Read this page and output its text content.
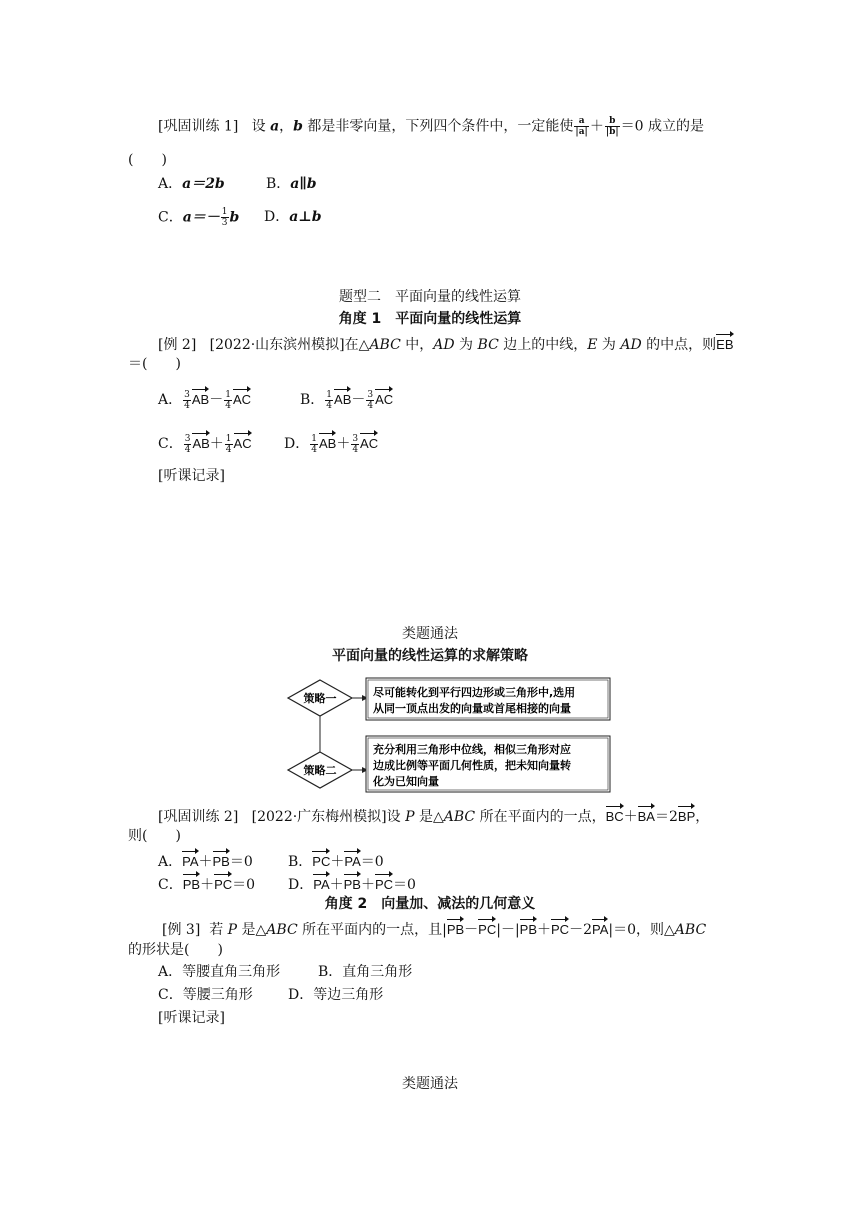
[巩固训练 1] 设 a，b 都是非零向量，下列四个条件中，一定能使 $\frac{a}{|a|} + \frac{b}{|b|} =0$ 成立的是
(　　)
A．a＝2b	B．a∥b
C．$a=- \frac{1}{3}$ b D．a⊥b
题型二　平面向量的线性运算
角度 1　平面向量的线性运算
[例 2] [2022·山东滨州模拟]在△ABC 中，AD 为 BC 边上的中线，E 为 AD 的中点，则EB
＝(　　)
A． $\frac{3}{4} AB- \frac{1}{4}$ AC	B． $\frac{1}{4} AB- \frac{3}{4}$ AC
C． $\frac{3}{4} AB+ \frac{1}{4}$ AC D． $\frac{1}{4} AB+ \frac{3}{4}$ AC
[听课记录]
类题通法
平面向量的线性运算的求解策略
策略一
策略二
尽可能转化到平行四边形或三角形中,选用
从同一顶点出发的向量或首尾相接的向量
充分利用三角形中位线，相似三角形对应
边成比例等平面几何性质，把未知向量转
化为已知向量
[巩固训练 2] [2022·广东梅州模拟]设 P 是△ABC 所在平面内的一点，BC＋BA＝2BP，
则(　　)
A．PA＋PB＝0	B．PC＋PA＝0
C．PB＋PC＝0 D．PA＋PB＋PC＝0
角度 2　向量加、减法的几何意义
[例 3] 若 P 是△ABC 所在平面内的一点，且|PB－PC|－|PB＋PC－2PA|＝0，则△ABC
的形状是(　　)
A．等腰直角三角形	B．直角三角形
C．等腰三角形	D．等边三角形
[听课记录]
类题通法
